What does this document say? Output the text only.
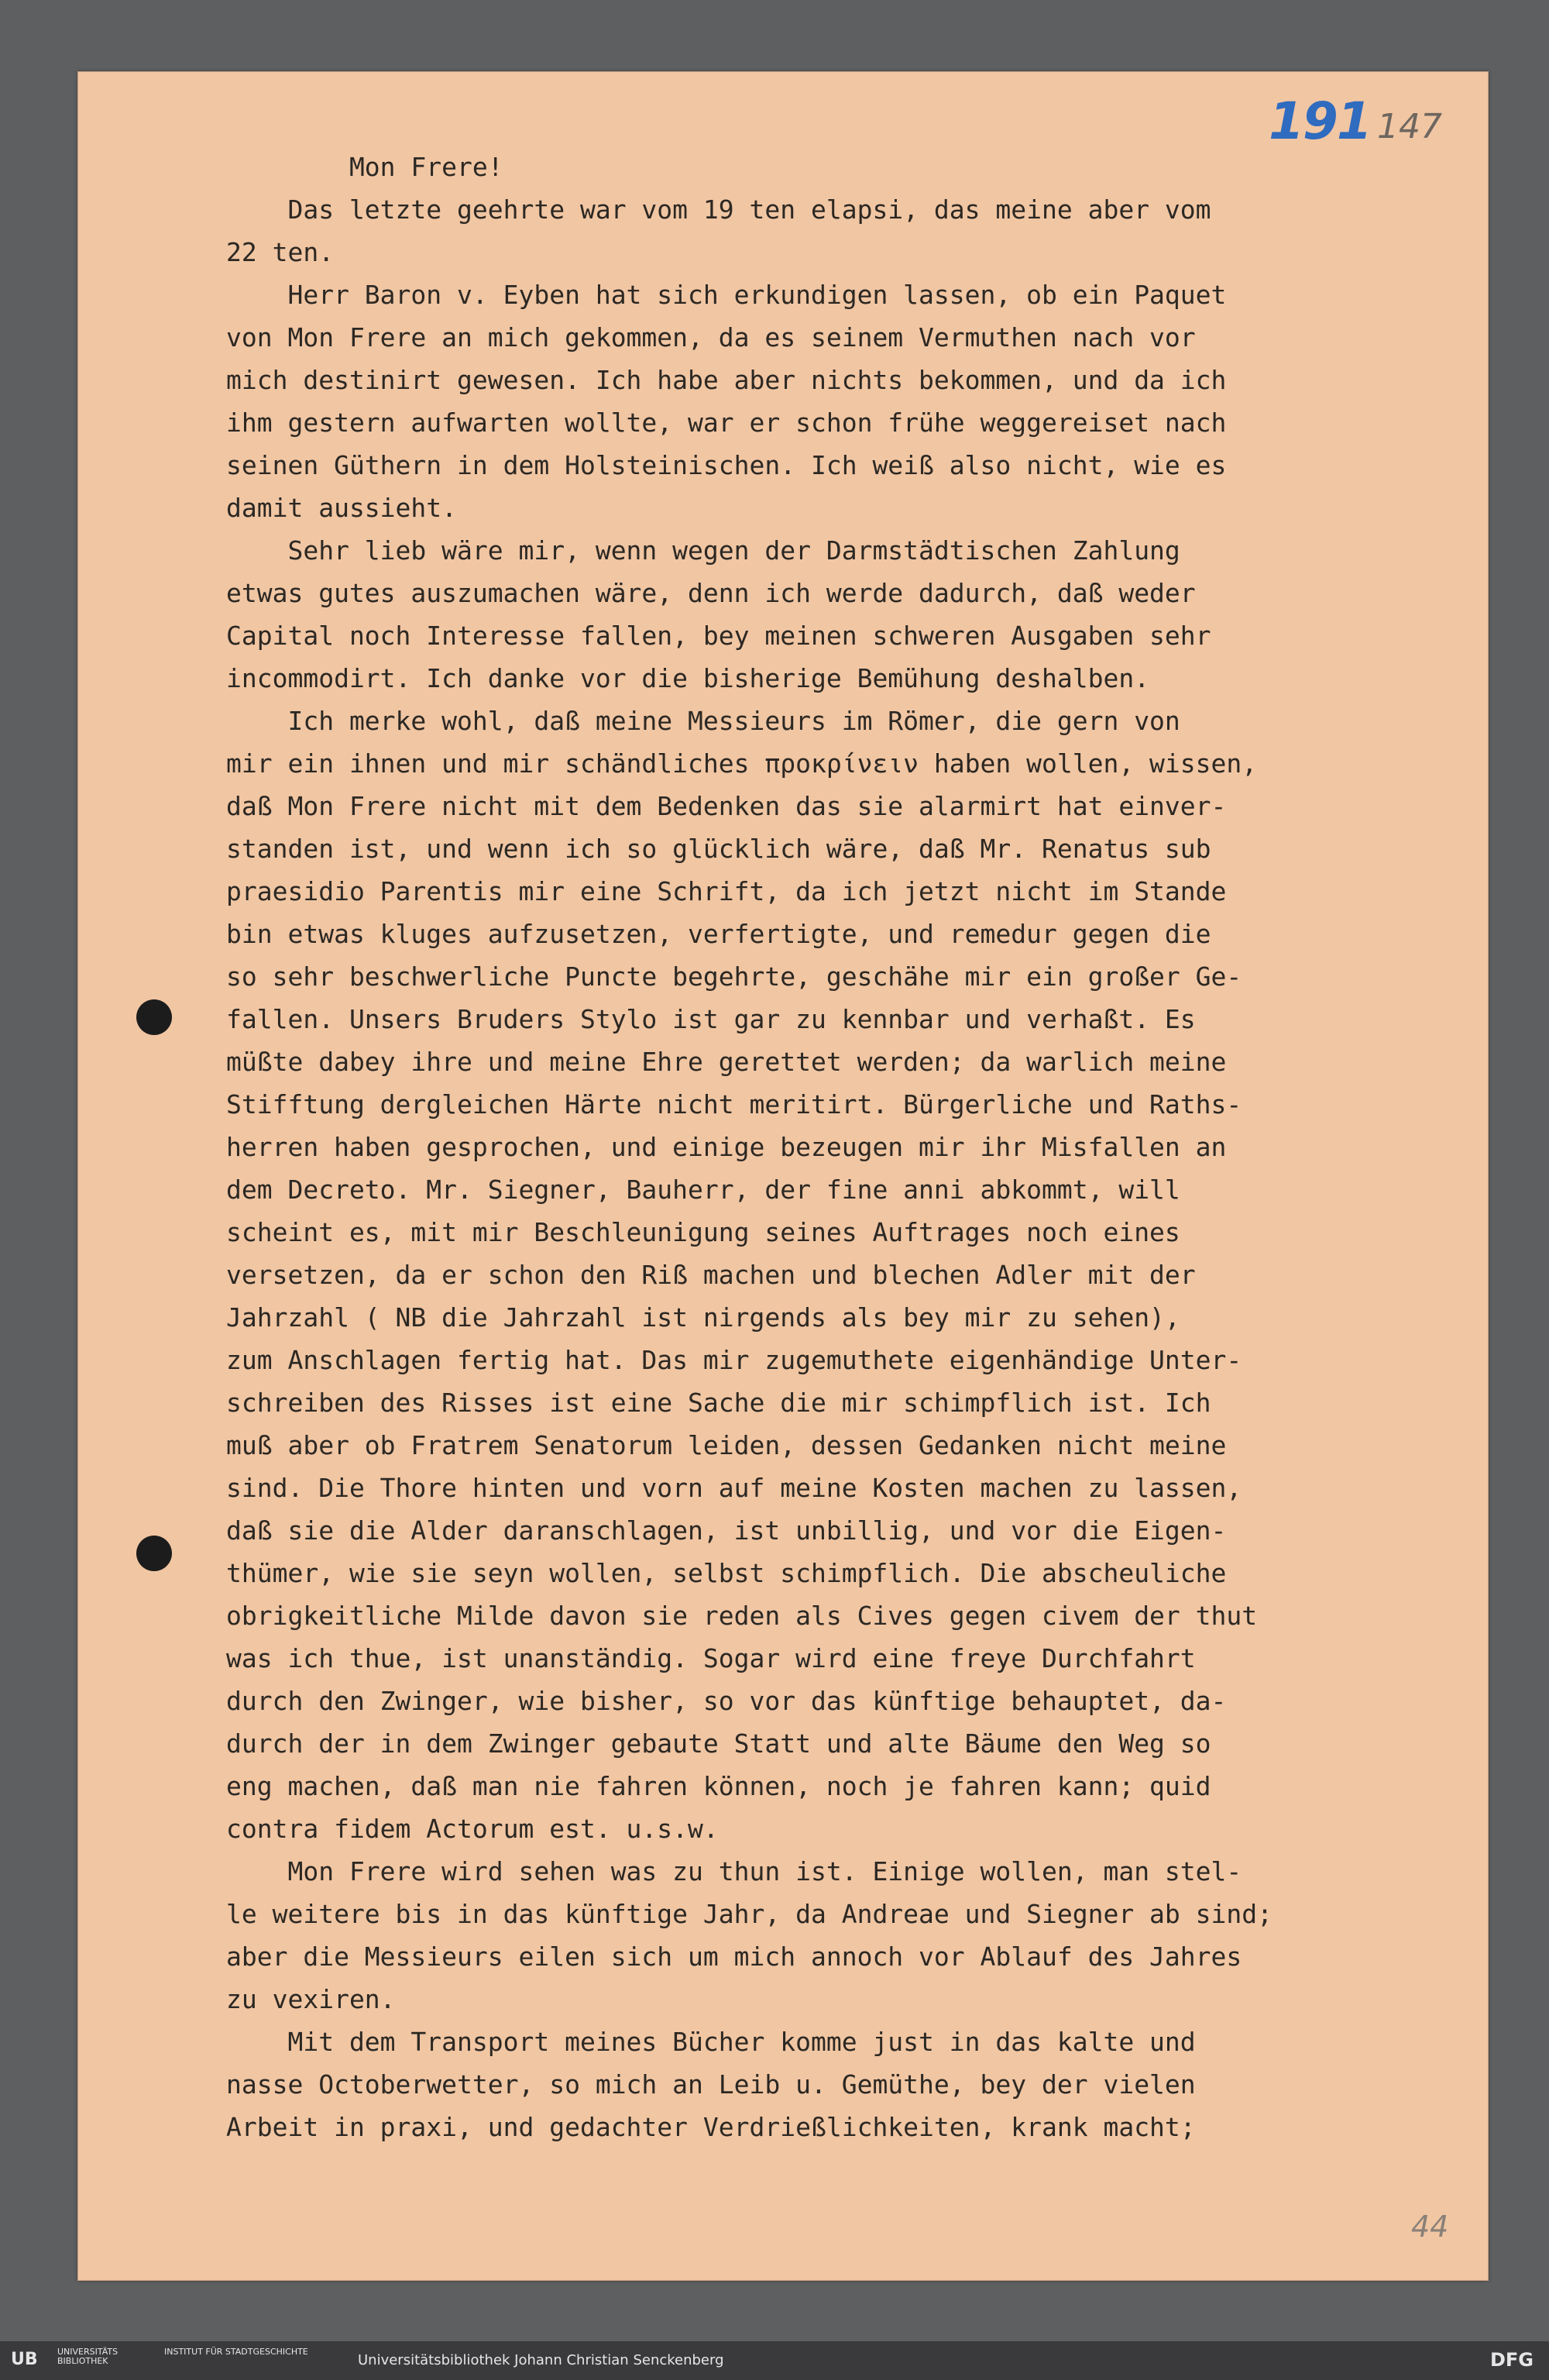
191 147
Mon Frere!
Das letzte geehrte war vom 19 ten elapsi, das meine aber vom
22 ten.
Herr Baron v. Eyben hat sich erkundigen lassen, ob ein Paquet
von Mon Frere an mich gekommen, da es seinem Vermuthen nach vor
mich destinirt gewesen. Ich habe aber nichts bekommen, und da ich
ihm gestern aufwarten wollte, war er schon frühe weggereiset nach
seinen Güthern in dem Holsteinischen. Ich weiß also nicht, wie es
damit aussieht.
Sehr lieb wäre mir, wenn wegen der Darmstädtischen Zahlung
etwas gutes auszumachen wäre, denn ich werde dadurch, daß weder
Capital noch Interesse fallen, bey meinen schweren Ausgaben sehr
incommodirt. Ich danke vor die bisherige Bemühung deshalben.
Ich merke wohl, daß meine Messieurs im Römer, die gern von
mir ein ihnen und mir schändliches προκρίνειν haben wollen, wissen,
daß Mon Frere nicht mit dem Bedenken das sie alarmirt hat einver-
standen ist, und wenn ich so glücklich wäre, daß Mr. Renatus sub
praesidio Parentis mir eine Schrift, da ich jetzt nicht im Stande
bin etwas kluges aufzusetzen, verfertigte, und remedur gegen die
so sehr beschwerliche Puncte begehrte, geschähe mir ein großer Ge-
fallen. Unsers Bruders Stylo ist gar zu kennbar und verhaßt. Es
müßte dabey ihre und meine Ehre gerettet werden; da warlich meine
Stifftung dergleichen Härte nicht meritirt. Bürgerliche und Raths-
herren haben gesprochen, und einige bezeugen mir ihr Misfallen an
dem Decreto. Mr. Siegner, Bauherr, der fine anni abkommt, will
scheint es, mit mir Beschleunigung seines Auftrages noch eines
versetzen, da er schon den Riß machen und blechen Adler mit der
Jahrzahl ( NB die Jahrzahl ist nirgends als bey mir zu sehen),
zum Anschlagen fertig hat. Das mir zugemuthete eigenhändige Unter-
schreiben des Risses ist eine Sache die mir schimpflich ist. Ich
muß aber ob Fratrem Senatorum leiden, dessen Gedanken nicht meine
sind. Die Thore hinten und vorn auf meine Kosten machen zu lassen,
daß sie die Alder daranschlagen, ist unbillig, und vor die Eigen-
thümer, wie sie seyn wollen, selbst schimpflich. Die abscheuliche
obrigkeitliche Milde davon sie reden als Cives gegen civem der thut
was ich thue, ist unanständig. Sogar wird eine freye Durchfahrt
durch den Zwinger, wie bisher, so vor das künftige behauptet, da-
durch der in dem Zwinger gebaute Statt und alte Bäume den Weg so
eng machen, daß man nie fahren können, noch je fahren kann; quid
contra fidem Actorum est. u.s.w.
Mon Frere wird sehen was zu thun ist. Einige wollen, man stel-
le weitere bis in das künftige Jahr, da Andreae und Siegner ab sind;
aber die Messieurs eilen sich um mich annoch vor Ablauf des Jahres
zu vexiren.
Mit dem Transport meines Bücher komme just in das kalte und
nasse Octoberwetter, so mich an Leib u. Gemüthe, bey der vielen
Arbeit in praxi, und gedachter Verdrießlichkeiten, krank macht;
44
UB UNIVERSITÄTS BIBLIOTHEK
INSTITUT FÜR STADTGESCHICHTE
Universitätsbibliothek Johann Christian Senckenberg	DFG
